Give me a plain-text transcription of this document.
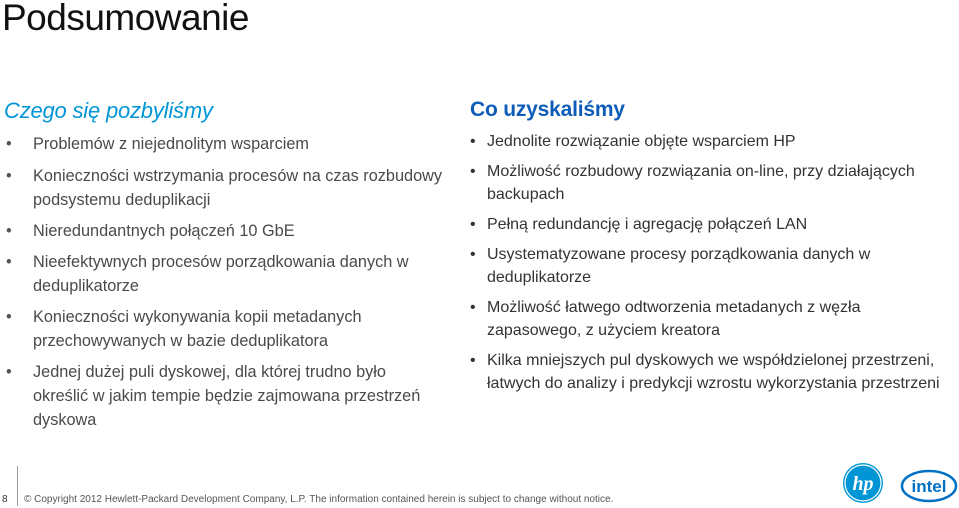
Podsumowanie
Czego się pozbyliśmy
• Problemów z niejednolitym wsparciem
• Konieczności wstrzymania procesów na czas rozbudowy podsystemu deduplikacji
• Nieredundantnych połączeń 10 GbE
• Nieefektywnych procesów porządkowania danych w deduplikatorze
• Konieczności wykonywania kopii metadanych przechowywanych w bazie deduplikatora
• Jednej dużej puli dyskowej, dla której trudno było określić w jakim tempie będzie zajmowana przestrzeń dyskowa
Co uzyskaliśmy
• Jednolite rozwiązanie objęte wsparciem HP
• Możliwość rozbudowy rozwiązania on-line, przy działających backupach
• Pełną redundancję i agregację połączeń LAN
• Usystematyzowane procesy porządkowania danych w deduplikatorze
• Możliwość łatwego odtworzenia metadanych z węzła zapasowego, z użyciem kreatora
• Kilka mniejszych pul dyskowych we współdzielonej przestrzeni, łatwych do analizy i predykcji wzrostu wykorzystania przestrzeni
8 © Copyright 2012 Hewlett-Packard Development Company, L.P. The information contained herein is subject to change without notice.
hp intel
